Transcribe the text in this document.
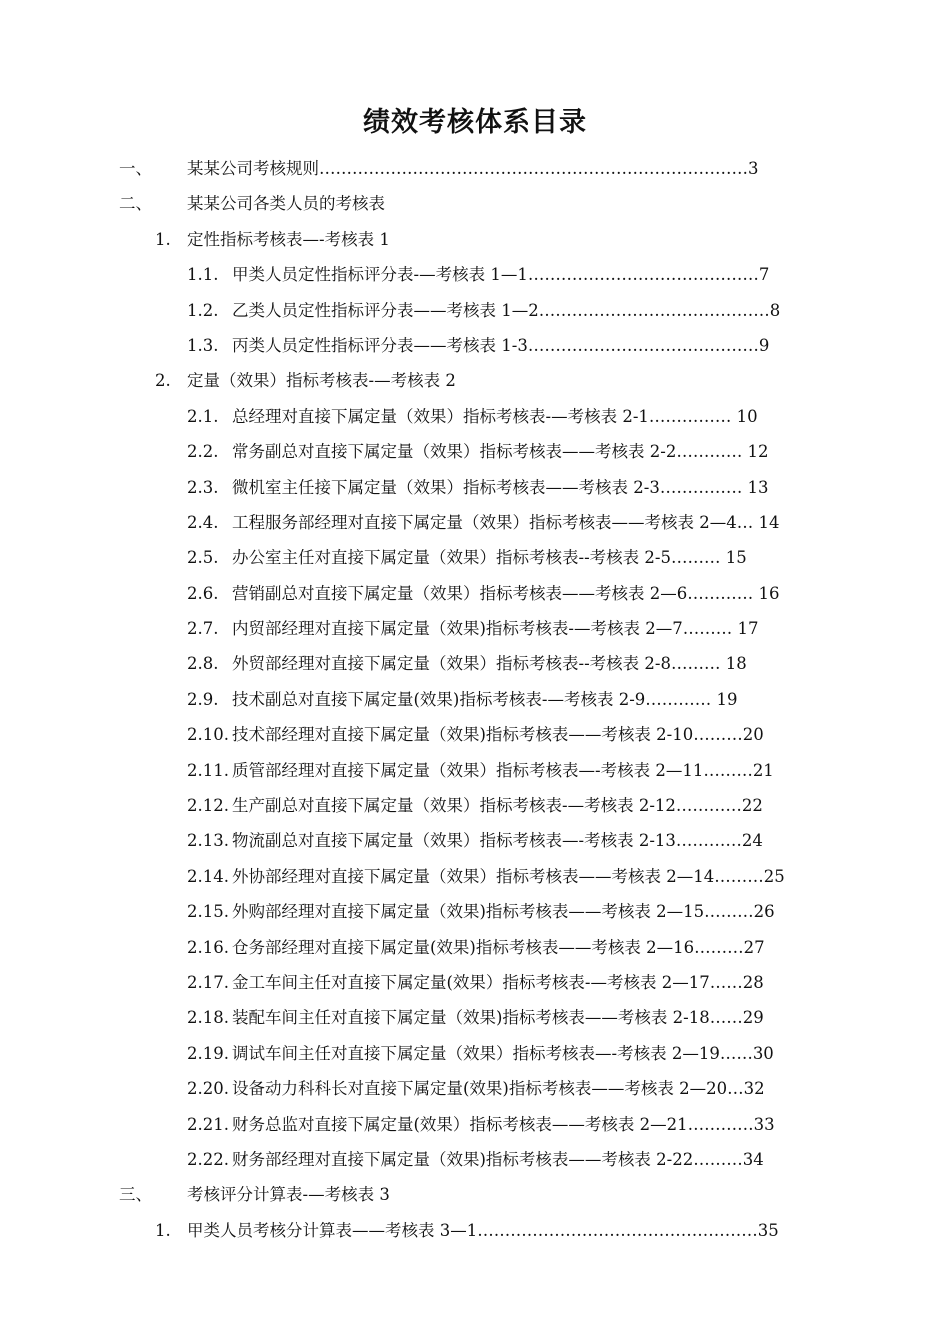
绩效考核体系目录
一、 某某公司考核规则……………………………………………………………………3
二、 某某公司各类人员的考核表
1. 定性指标考核表—-考核表 1
1.1. 甲类人员定性指标评分表-—考核表 1—1……………………………………7
1.2. 乙类人员定性指标评分表——考核表 1—2……………………………………8
1.3. 丙类人员定性指标评分表——考核表 1-3……………………………………9
2. 定量（效果）指标考核表-—考核表 2
2.1. 总经理对直接下属定量（效果）指标考核表-—考核表 2-1…………… 10
2.2. 常务副总对直接下属定量（效果）指标考核表——考核表 2-2………… 12
2.3. 微机室主任接下属定量（效果）指标考核表——考核表 2-3…………… 13
2.4. 工程服务部经理对直接下属定量（效果）指标考核表——考核表 2—4… 14
2.5. 办公室主任对直接下属定量（效果）指标考核表--考核表 2-5……… 15
2.6. 营销副总对直接下属定量（效果）指标考核表——考核表 2—6………… 16
2.7. 内贸部经理对直接下属定量（效果)指标考核表-—考核表 2—7……… 17
2.8. 外贸部经理对直接下属定量（效果）指标考核表--考核表 2-8……… 18
2.9. 技术副总对直接下属定量(效果)指标考核表-—考核表 2-9………… 19
2.10. 技术部经理对直接下属定量（效果)指标考核表——考核表 2-10………20
2.11. 质管部经理对直接下属定量（效果）指标考核表—-考核表 2—11………21
2.12. 生产副总对直接下属定量（效果）指标考核表-—考核表 2-12…………22
2.13. 物流副总对直接下属定量（效果）指标考核表—-考核表 2-13…………24
2.14. 外协部经理对直接下属定量（效果）指标考核表——考核表 2—14………25
2.15. 外购部经理对直接下属定量（效果)指标考核表——考核表 2—15………26
2.16. 仓务部经理对直接下属定量(效果)指标考核表——考核表 2—16………27
2.17. 金工车间主任对直接下属定量(效果）指标考核表-—考核表 2—17……28
2.18. 装配车间主任对直接下属定量（效果)指标考核表——考核表 2-18……29
2.19. 调试车间主任对直接下属定量（效果）指标考核表—-考核表 2—19……30
2.20. 设备动力科科长对直接下属定量(效果)指标考核表——考核表 2—20…32
2.21. 财务总监对直接下属定量(效果）指标考核表——考核表 2—21…………33
2.22. 财务部经理对直接下属定量（效果)指标考核表——考核表 2-22………34
三、 考核评分计算表-—考核表 3
1. 甲类人员考核分计算表——考核表 3—1……………………………………………35
